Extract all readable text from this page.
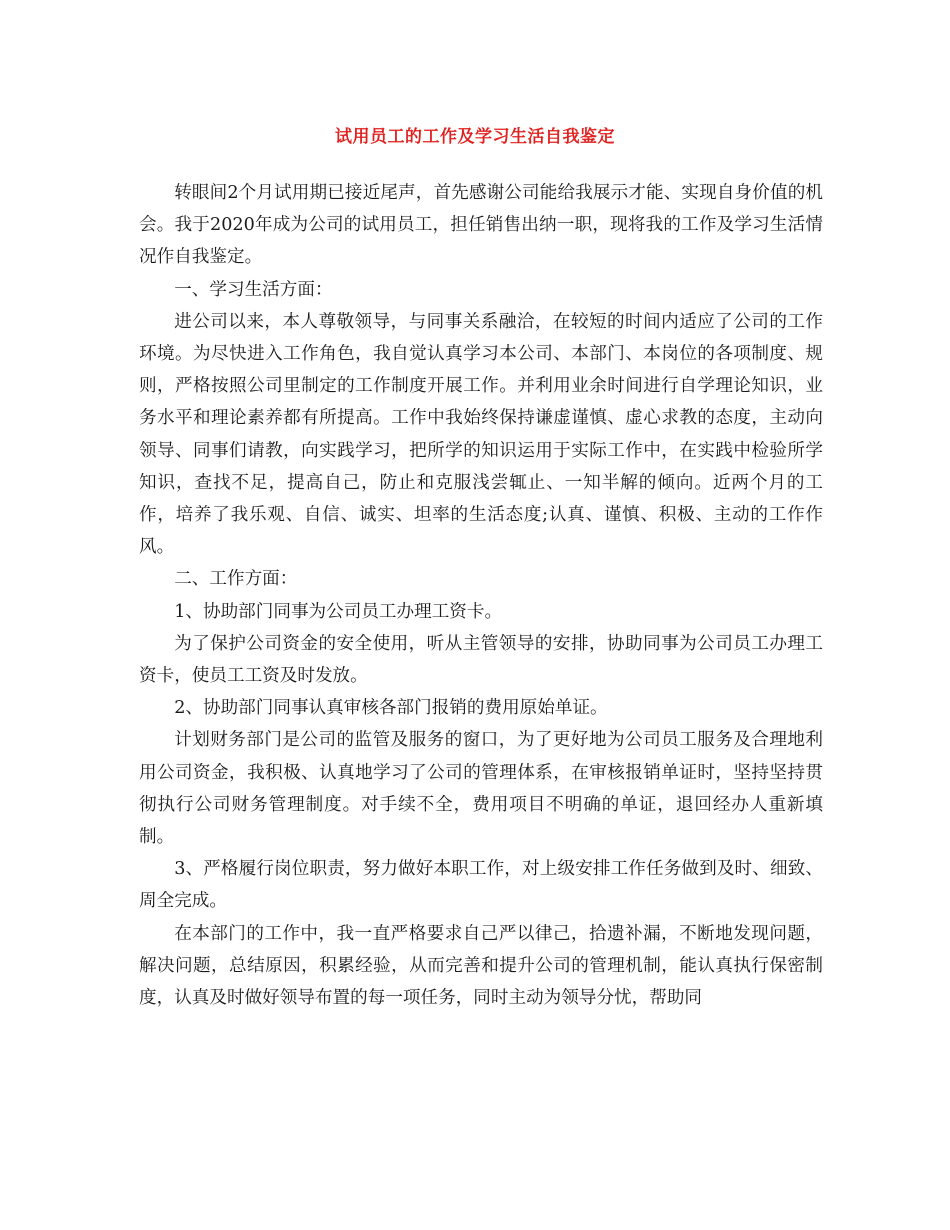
试用员工的工作及学习生活自我鉴定

转眼间2个月试用期已接近尾声，首先感谢公司能给我展示才能、实现自身价值的机会。我于2020年成为公司的试用员工，担任销售出纳一职，现将我的工作及学习生活情况作自我鉴定。

一、学习生活方面：

进公司以来，本人尊敬领导，与同事关系融洽，在较短的时间内适应了公司的工作环境。为尽快进入工作角色，我自觉认真学习本公司、本部门、本岗位的各项制度、规则，严格按照公司里制定的工作制度开展工作。并利用业余时间进行自学理论知识，业务水平和理论素养都有所提高。工作中我始终保持谦虚谨慎、虚心求教的态度，主动向领导、同事们请教，向实践学习，把所学的知识运用于实际工作中，在实践中检验所学知识，查找不足，提高自己，防止和克服浅尝辄止、一知半解的倾向。近两个月的工作，培养了我乐观、自信、诚实、坦率的生活态度;认真、谨慎、积极、主动的工作作风。

二、工作方面：

1、协助部门同事为公司员工办理工资卡。

为了保护公司资金的安全使用，听从主管领导的安排，协助同事为公司员工办理工资卡，使员工工资及时发放。

2、协助部门同事认真审核各部门报销的费用原始单证。

计划财务部门是公司的监管及服务的窗口，为了更好地为公司员工服务及合理地利用公司资金，我积极、认真地学习了公司的管理体系，在审核报销单证时，坚持坚持贯彻执行公司财务管理制度。对手续不全，费用项目不明确的单证，退回经办人重新填制。

3、严格履行岗位职责，努力做好本职工作，对上级安排工作任务做到及时、细致、周全完成。

在本部门的工作中，我一直严格要求自己严以律己，拾遗补漏，不断地发现问题，解决问题，总结原因，积累经验，从而完善和提升公司的管理机制，能认真执行保密制度，认真及时做好领导布置的每一项任务，同时主动为领导分忧，帮助同
